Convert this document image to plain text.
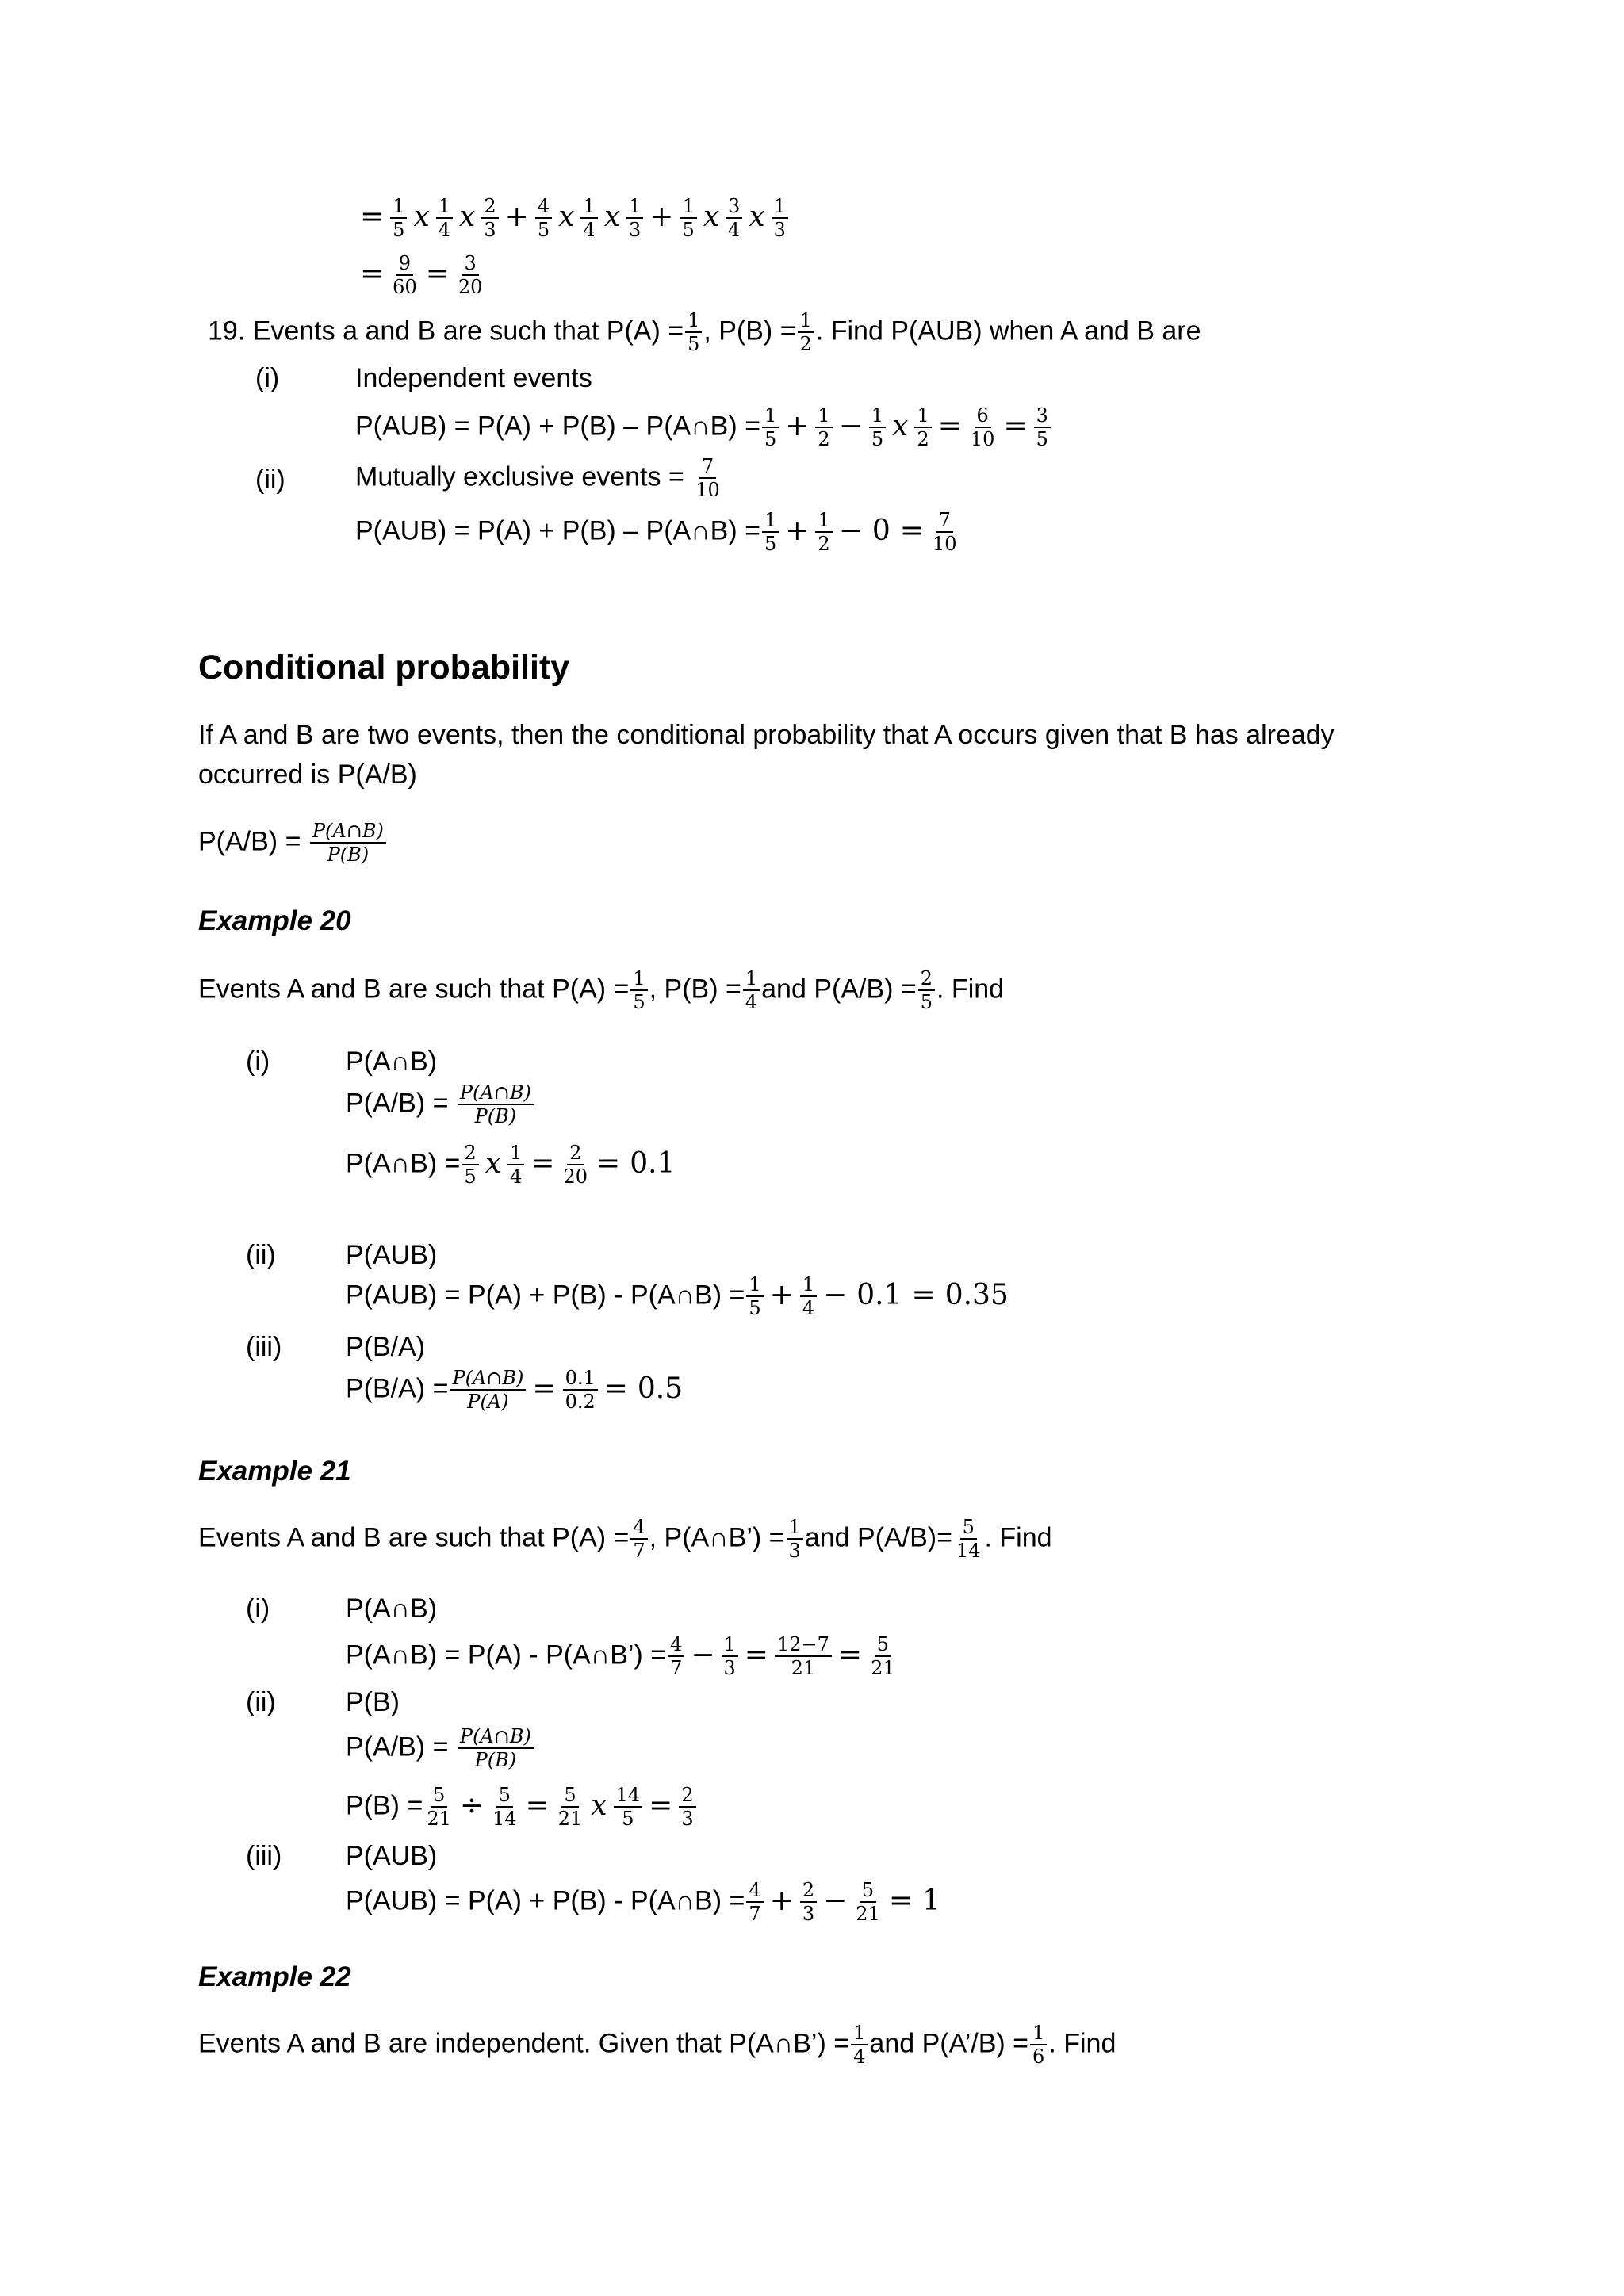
= $\frac{1}{5}$ x $\frac{1}{4}$ x $\frac{2}{3} + \frac{4}{5}$ x $\frac{1}{4}$ x $\frac{1}{3} + \frac{1}{5}$ x $\frac{3}{4}$ x $\frac{1}{3}$
= $\frac{9}{60} = \frac{3}{20}$
19. Events a and B are such that $P(A) = \frac{1}{5}$ , $P(B) = \frac{1}{2}$ . Find P(AUB) when A and B are
(i)	Independent events
P(AUB) = P(A) + P(B) – P(A∩B) = $\frac{1}{5} + \frac{1}{2} - \frac{1}{5}$ x $\frac{1}{2} = \frac{6}{10} = \frac{3}{5}$
(ii)	Mutually exclusive events = $\frac{7}{10}$
P(AUB) = P(A) + P(B) – P(A∩B) = $\frac{1}{5} + \frac{1}{2} - 0 = \frac{7}{10}$
Conditional probability
If A and B are two events, then the conditional probability that A occurs given that B has already
occurred is P(A/B)
$P(A/B) = \frac{P(A\cap B)}{P(B)}$
Example 20
Events A and B are such that $P(A) = \frac{1}{5}$ , $P(B) = \frac{1}{4}$ and $P(A/B) = \frac{2}{5}$ . Find
(i)	P(A∩B)
$P(A/B) = \frac{P(A\cap B)}{P(B)}$
P(A∩B) = $\frac{2}{5}$ x $\frac{1}{4} = \frac{2}{20} = 0.1$
(ii)	P(AUB)
P(AUB) = P(A) + P(B) - P(A∩B) = $\frac{1}{5} + \frac{1}{4} - 0.1 = 0.35$
(iii) P(B/A)
$P(B/A) = \frac{P(A\cap B)}{P(A)} = \frac{0.1}{0.2} = 0.5$
Example 21
Events A and B are such that $P(A) = \frac{4}{7}$ , P(A∩B’) = $\frac{1}{3}$ and $P(A/B)= \frac{5}{14}$ . Find
(i)	P(A∩B)
P(A∩B) = P(A) - P(A∩B’) = $\frac{4}{7} - \frac{1}{3} = \frac{12-7}{21} = \frac{5}{21}$
(ii)	P(B)
$P(A/B) = \frac{P(A\cap B)}{P(B)}$
$P(B) = \frac{5}{21} \div \frac{5}{14} = \frac{5}{21}$ x $\frac{14}{5} = \frac{2}{3}$
(iii) P(AUB)
P(AUB) = P(A) + P(B) - P(A∩B) = $\frac{4}{7} + \frac{2}{3} - \frac{5}{21} = 1$
Example 22
Events A and B are independent. Given that P(A∩B’) = $\frac{1}{4}$ and P(A’/B) = $\frac{1}{6}$ . Find
